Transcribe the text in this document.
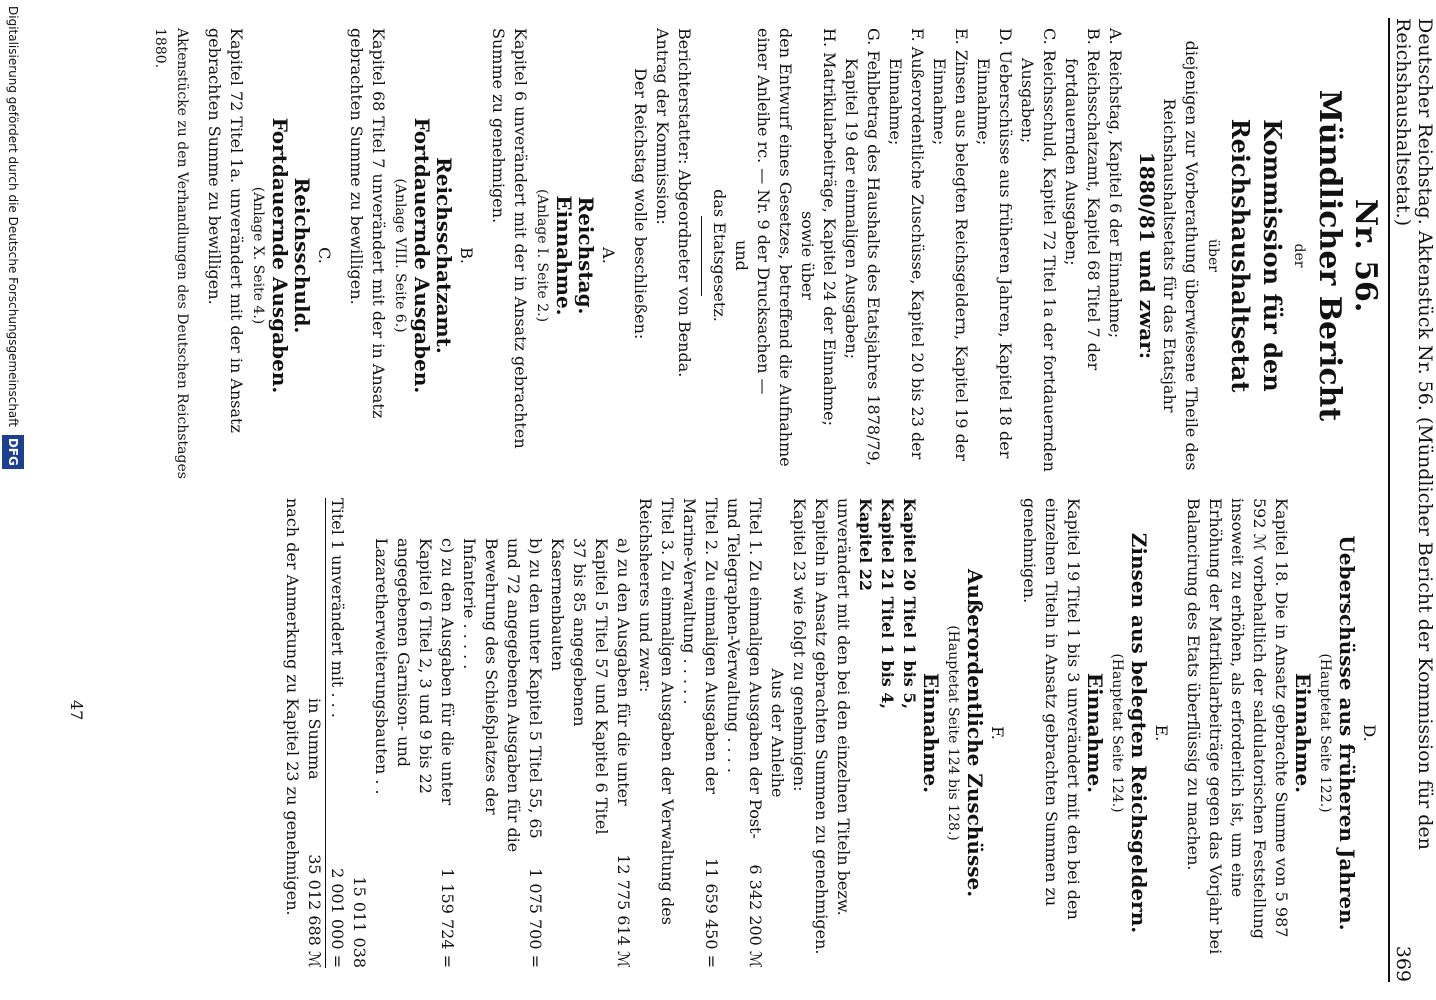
Deutscher Reichstag. Aktenstück Nr. 56. (Mündlicher Bericht der Kommission für den Reichshaushaltsetat.)
369
Nr. 56.
Mündlicher Bericht
der
Kommission für den Reichshaushaltsetat
über
diejenigen zur Vorberathung überwiesene Theile des Reichshaushaltsetats für das Etatsjahr
1880/81 und zwar:
A. Reichstag, Kapitel 6 der Einnahme;
B. Reichsschatzamt, Kapitel 68 Titel 7 der fortdauernden Ausgaben;
C. Reichsschuld, Kapitel 72 Titel 1a der fortdauernden Ausgaben;
D. Ueberschüsse aus früheren Jahren, Kapitel 18 der Einnahme;
E. Zinsen aus belegten Reichsgeldern, Kapitel 19 der Einnahme;
F. Außerordentliche Zuschüsse, Kapitel 20 bis 23 der Einnahme;
G. Fehlbetrag des Haushalts des Etatsjahres 1878/79, Kapitel 19 der einmaligen Ausgaben;
H. Matrikularbeiträge, Kapitel 24 der Einnahme;
sowie über
den Entwurf eines Gesetzes, betreffend die Aufnahme einer Anleihe rc. — Nr. 9 der Drucksachen —
und
das Etatsgesetz.
Berichterstatter: Abgeordneter von Benda.
Antrag der Kommission:
Der Reichstag wolle beschließen:
A.
Reichstag.
Einnahme.
(Anlage I. Seite 2.)
Kapitel 6 unverändert mit der in Ansatz gebrachten Summe zu genehmigen.
B.
Reichsschatzamt.
Fortdauernde Ausgaben.
(Anlage VIII. Seite 6.)
Kapitel 68 Titel 7 unverändert mit der in Ansatz gebrachten Summe zu bewilligen.
C.
Reichsschuld.
Fortdauernde Ausgaben.
(Anlage X. Seite 4.)
Kapitel 72 Titel 1a. unverändert mit der in Ansatz gebrachten Summe zu bewilligen.
Aktenstücke zu den Verhandlungen des Deutschen Reichstages 1880.
D.
Ueberschüsse aus früheren Jahren.
(Hauptetat Seite 122.)
Einnahme.
Kapitel 18. Die in Ansatz gebrachte Summe von 5 987 592 ℳ vorbehaltlich der saldulatorischen Feststellung insoweit zu erhöhen, als erforderlich ist, um eine Erhöhung der Matrikularbeiträge gegen das Vorjahr bei Balancirung des Etats überflüssig zu machen.
E.
Zinsen aus belegten Reichsgeldern.
(Hauptetat Seite 124.)
Einnahme.
Kapitel 19 Titel 1 bis 3 unverändert mit den bei den einzelnen Titeln in Ansatz gebrachten Summen zu genehmigen.
F.
Außerordentliche Zuschüsse.
(Hauptetat Seite 124 bis 128.)
Einnahme.
Kapitel 20 Titel 1 bis 5,
Kapitel 21 Titel 1 bis 4,
Kapitel 22
unverändert mit den bei den einzelnen Titeln bezw. Kapiteln in Ansatz gebrachten Summen zu genehmigen.
Kapitel 23 wie folgt zu genehmigen:
Aus der Anleihe
Titel 1. Zu einmaligen Ausgaben der Post- und Telegraphen-Verwaltung . . . .
6 342 200 ℳ
Titel 2. Zu einmaligen Ausgaben der Marine-Verwaltung . . . . .
11 659 450 =
Titel 3. Zu einmaligen Ausgaben der Verwaltung des Reichsheeres und zwar:
a) zu den Ausgaben für die unter Kapitel 5 Titel 57 und Kapitel 6 Titel 37 bis 85 angegebenen Kasernenbauten
12 775 614 ℳ
b) zu den unter Kapitel 5 Titel 55, 65 und 72 angegebenen Ausgaben für die Bewehrung des Schießplatzes der Infanterie . . . . .
1 075 700 =
c) zu den Ausgaben für die unter Kapitel 6 Titel 2, 3 und 9 bis 22 angegebenen Garnison- und Lazaretherweiterungsbauten . .
1 159 724 =
15 011 038
Titel 1 unverändert mit . . .
2 001 000 =
in Summa
35 012 688 ℳ
nach der Anmerkung zu Kapitel 23 zu genehmigen.
47
Digitalisierung gefördert durch die Deutsche Forschungsgemeinschaft DFG
